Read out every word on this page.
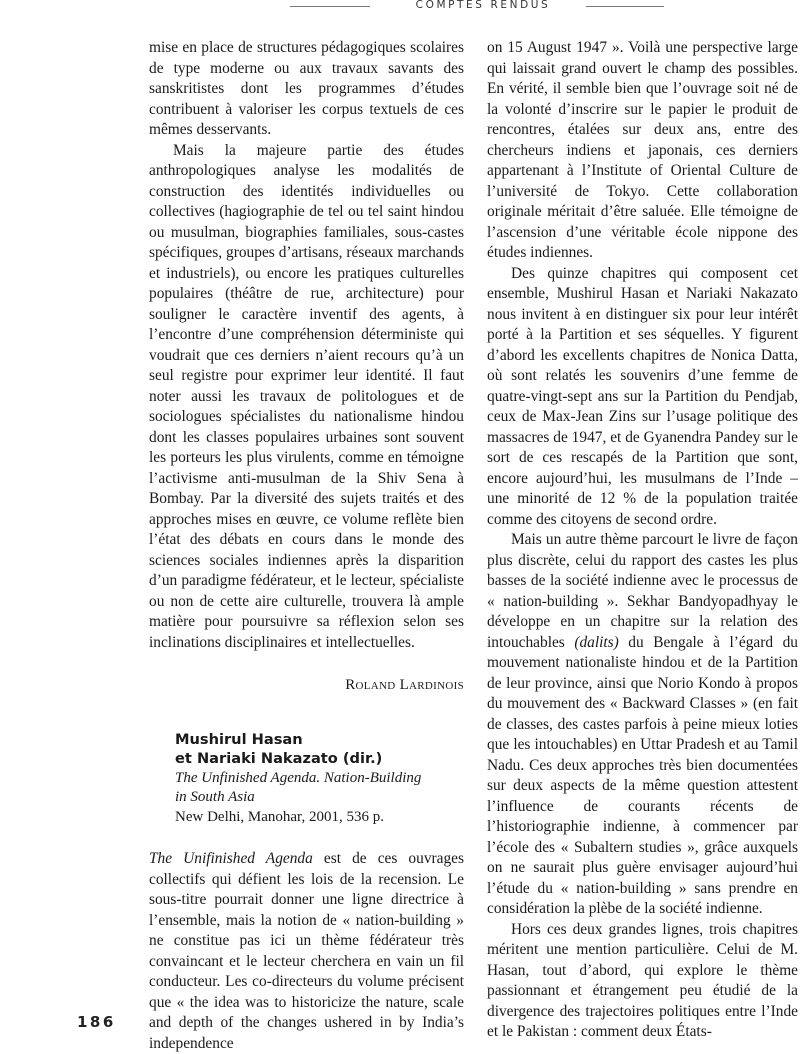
COMPTES RENDUS

mise en place de structures pédagogiques scolaires de type moderne ou aux travaux savants des sanskritistes dont les programmes d’études contribuent à valoriser les corpus textuels de ces mêmes desservants.

Mais la majeure partie des études anthropologiques analyse les modalités de construction des identités individuelles ou collectives (hagiographie de tel ou tel saint hindou ou musulman, biographies familiales, sous-castes spécifiques, groupes d’artisans, réseaux marchands et industriels), ou encore les pratiques culturelles populaires (théâtre de rue, architecture) pour souligner le caractère inventif des agents, à l’encontre d’une compréhension déterministe qui voudrait que ces derniers n’aient recours qu’à un seul registre pour exprimer leur identité. Il faut noter aussi les travaux de politologues et de sociologues spécialistes du nationalisme hindou dont les classes populaires urbaines sont souvent les porteurs les plus virulents, comme en témoigne l’activisme anti-musulman de la Shiv Sena à Bombay. Par la diversité des sujets traités et des approches mises en œuvre, ce volume reflète bien l’état des débats en cours dans le monde des sciences sociales indiennes après la disparition d’un paradigme fédérateur, et le lecteur, spécialiste ou non de cette aire culturelle, trouvera là ample matière pour poursuivre sa réflexion selon ses inclinations disciplinaires et intellectuelles.

Roland Lardinois
Mushirul Hasan
et Nariaki Nakazato (dir.)
The Unfinished Agenda. Nation-Building
in South Asia
New Delhi, Manohar, 2001, 536 p.

The Unifinished Agenda est de ces ouvrages collectifs qui défient les lois de la recension. Le sous-titre pourrait donner une ligne directrice à l’ensemble, mais la notion de « nation-building » ne constitue pas ici un thème fédérateur très convaincant et le lecteur cherchera en vain un fil conducteur. Les co-directeurs du volume précisent que « the idea was to historicize the nature, scale and depth of the changes ushered in by India’s independence

on 15 August 1947 ». Voilà une perspective large qui laissait grand ouvert le champ des possibles. En vérité, il semble bien que l’ouvrage soit né de la volonté d’inscrire sur le papier le produit de rencontres, étalées sur deux ans, entre des chercheurs indiens et japonais, ces derniers appartenant à l’Institute of Oriental Culture de l’université de Tokyo. Cette collaboration originale méritait d’être saluée. Elle témoigne de l’ascension d’une véritable école nippone des études indiennes.

Des quinze chapitres qui composent cet ensemble, Mushirul Hasan et Nariaki Nakazato nous invitent à en distinguer six pour leur intérêt porté à la Partition et ses séquelles. Y figurent d’abord les excellents chapitres de Nonica Datta, où sont relatés les souvenirs d’une femme de quatre-vingt-sept ans sur la Partition du Pendjab, ceux de Max-Jean Zins sur l’usage politique des massacres de 1947, et de Gyanendra Pandey sur le sort de ces rescapés de la Partition que sont, encore aujourd’hui, les musulmans de l’Inde – une minorité de 12 % de la population traitée comme des citoyens de second ordre.

Mais un autre thème parcourt le livre de façon plus discrète, celui du rapport des castes les plus basses de la société indienne avec le processus de « nation-building ». Sekhar Bandyopadhyay le développe en un chapitre sur la relation des intouchables (dalits) du Bengale à l’égard du mouvement nationaliste hindou et de la Partition de leur province, ainsi que Norio Kondo à propos du mouvement des « Backward Classes » (en fait de classes, des castes parfois à peine mieux loties que les intouchables) en Uttar Pradesh et au Tamil Nadu. Ces deux approches très bien documentées sur deux aspects de la même question attestent l’influence de courants récents de l’historiographie indienne, à commencer par l’école des « Subaltern studies », grâce auxquels on ne saurait plus guère envisager aujourd’hui l’étude du « nation-building » sans prendre en considération la plèbe de la société indienne.

Hors ces deux grandes lignes, trois chapitres méritent une mention particulière. Celui de M. Hasan, tout d’abord, qui explore le thème passionnant et étrangement peu étudié de la divergence des trajectoires politiques entre l’Inde et le Pakistan : comment deux États-

186
